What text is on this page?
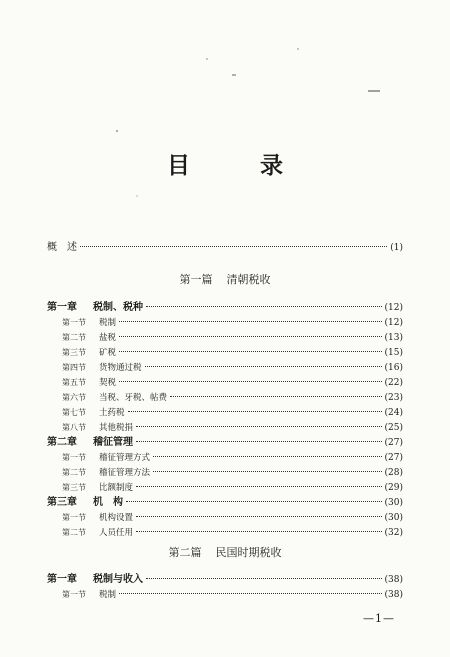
目	录
概　述	(1)
第一篇 清朝税收
第一章	税制、税种	(12)
第一节	税制	(12)
第二节	盐税	(13)
第三节	矿税	(15)
第四节	货物通过税	(16)
第五节	契税	(22)
第六节	当税、牙税、帖费	(23)
第七节	土药税	(24)
第八节	其他税捐	(25)
第二章	稽征管理	(27)
第一节	稽征管理方式	(27)
第二节	稽征管理方法	(28)
第三节	比额制度	(29)
第三章	机　构	(30)
第一节	机构设置	(30)
第二节	人员任用	(32)
第二篇 民国时期税收
第一章	税制与收入	(38)
第一节	税制	(38)
—1—
